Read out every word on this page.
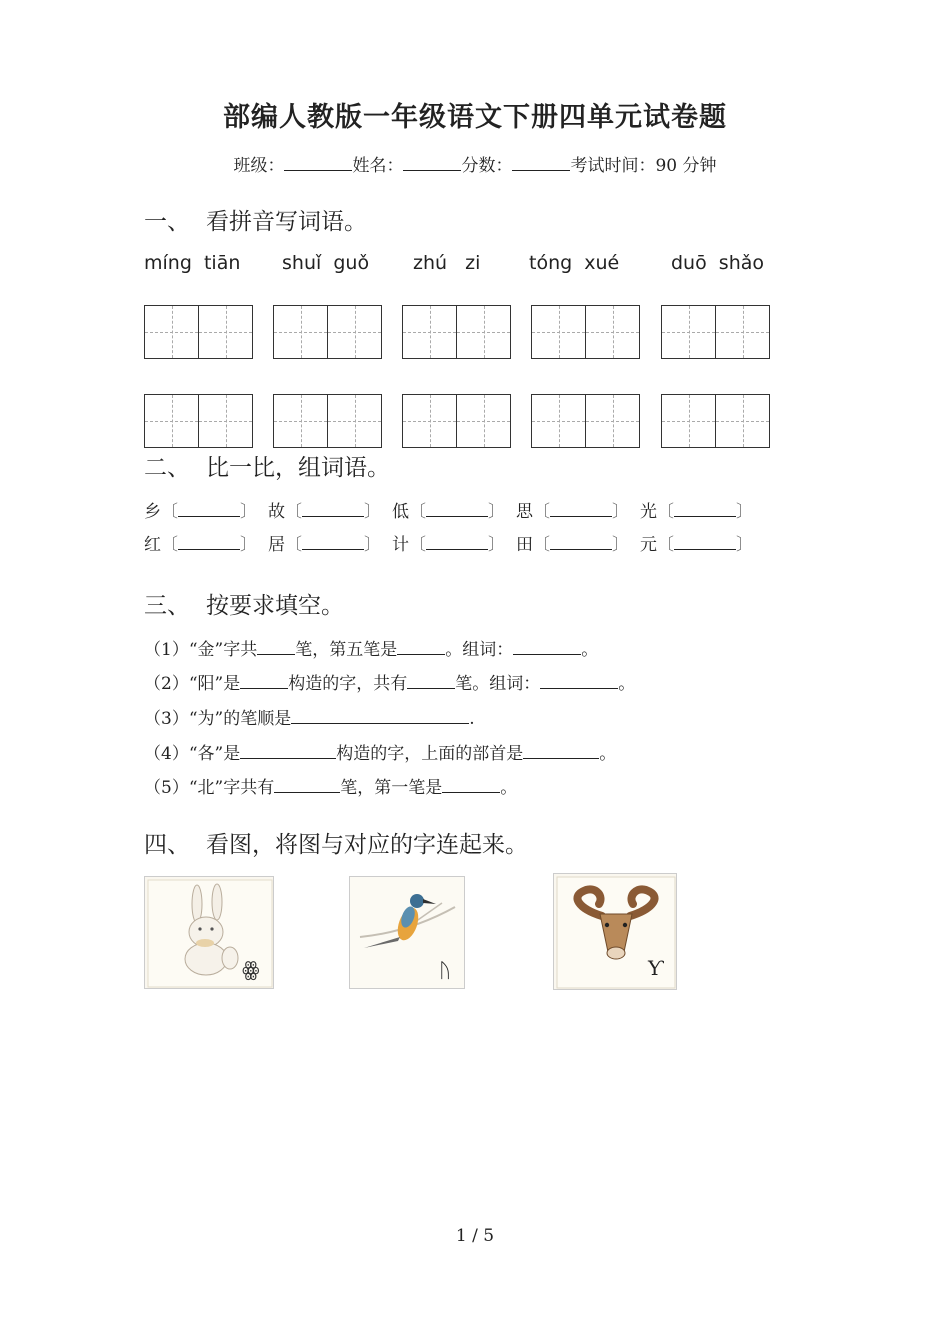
部编人教版一年级语文下册四单元试卷题
班级：	姓名：	分数：	考试时间：90 分钟
一、 看拼音写词语。
míng  tiān shuǐ  guǒ zhú   zi	tóng  xué	duō  shǎo
二、 比一比，组词语。
乡〔	〕 故〔	〕 低〔	〕 思〔	〕 光〔	〕
红〔	〕 居〔	〕 计〔	〕 田〔	〕 元〔	〕
三、 按要求填空。
（1）“金”字共 笔，第五笔是	。组词：	。
（2）“阳”是	构造的字，共有	笔。组词：	。
（3）“为”的笔顺是	.
（4）“各”是	构造的字，上面的部首是	。
（5）“北”字共有	笔，第一笔是	。
四、 看图，将图与对应的字连起来。
ꙮ	ᚢ	Ƴ
1 / 5
